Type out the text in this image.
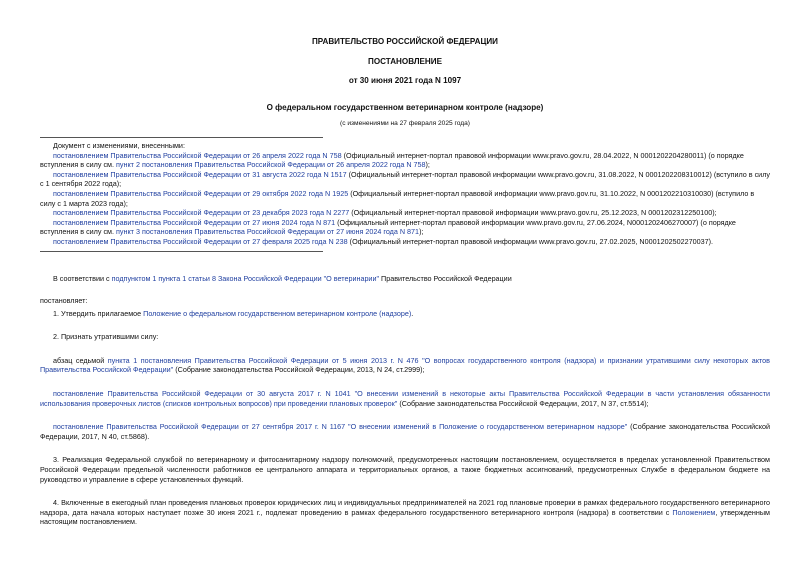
ПРАВИТЕЛЬСТВО РОССИЙСКОЙ ФЕДЕРАЦИИ
ПОСТАНОВЛЕНИЕ
от 30 июня 2021 года N 1097
О федеральном государственном ветеринарном контроле (надзоре)
(с изменениями на 27 февраля 2025 года)

Документ с изменениями, внесенными:

постановлением Правительства Российской Федерации от 26 апреля 2022 года N 758 (Официальный интернет-портал правовой информации www.pravo.gov.ru, 28.04.2022, N 0001202204280011) (о порядке вступления в силу см. пункт 2 постановления Правительства Российской Федерации от 26 апреля 2022 года N 758);

постановлением Правительства Российской Федерации от 31 августа 2022 года N 1517 (Официальный интернет-портал правовой информации www.pravo.gov.ru, 31.08.2022, N 0001202208310012) (вступило в силу с 1 сентября 2022 года);

постановлением Правительства Российской Федерации от 29 октября 2022 года N 1925 (Официальный интернет-портал правовой информации www.pravo.gov.ru, 31.10.2022, N 0001202210310030) (вступило в силу с 1 марта 2023 года);

постановлением Правительства Российской Федерации от 23 декабря 2023 года N 2277 (Официальный интернет-портал правовой информации www.pravo.gov.ru, 25.12.2023, N 0001202312250100);

постановлением Правительства Российской Федерации от 27 июня 2024 года N 871 (Официальный интернет-портал правовой информации www.pravo.gov.ru, 27.06.2024, N0001202406270007) (о порядке вступления в силу см. пункт 3 постановления Правительства Российской Федерации от 27 июня 2024 года N 871);

постановлением Правительства Российской Федерации от 27 февраля 2025 года N 238 (Официальный интернет-портал правовой информации www.pravo.gov.ru, 27.02.2025, N0001202502270037).

В соответствии с подпунктом 1 пункта 1 статьи 8 Закона Российской Федерации "О ветеринарии" Правительство Российской Федерации

постановляет:

1. Утвердить прилагаемое Положение о федеральном государственном ветеринарном контроле (надзоре).

2. Признать утратившими силу:

абзац седьмой пункта 1 постановления Правительства Российской Федерации от 5 июня 2013 г. N 476 "О вопросах государственного контроля (надзора) и признании утратившими силу некоторых актов Правительства Российской Федерации" (Собрание законодательства Российской Федерации, 2013, N 24, ст.2999);

постановление Правительства Российской Федерации от 30 августа 2017 г. N 1041 "О внесении изменений в некоторые акты Правительства Российской Федерации в части установления обязанности использования проверочных листов (списков контрольных вопросов) при проведении плановых проверок" (Собрание законодательства Российской Федерации, 2017, N 37, ст.5514);

постановление Правительства Российской Федерации от 27 сентября 2017 г. N 1167 "О внесении изменений в Положение о государственном ветеринарном надзоре" (Собрание законодательства Российской Федерации, 2017, N 40, ст.5868).

3. Реализация Федеральной службой по ветеринарному и фитосанитарному надзору полномочий, предусмотренных настоящим постановлением, осуществляется в пределах установленной Правительством Российской Федерации предельной численности работников ее центрального аппарата и территориальных органов, а также бюджетных ассигнований, предусмотренных Службе в федеральном бюджете на руководство и управление в сфере установленных функций.

4. Включенные в ежегодный план проведения плановых проверок юридических лиц и индивидуальных предпринимателей на 2021 год плановые проверки в рамках федерального государственного ветеринарного надзора, дата начала которых наступает позже 30 июня 2021 г., подлежат проведению в рамках федерального государственного ветеринарного контроля (надзора) в соответствии с Положением, утвержденным настоящим постановлением.
